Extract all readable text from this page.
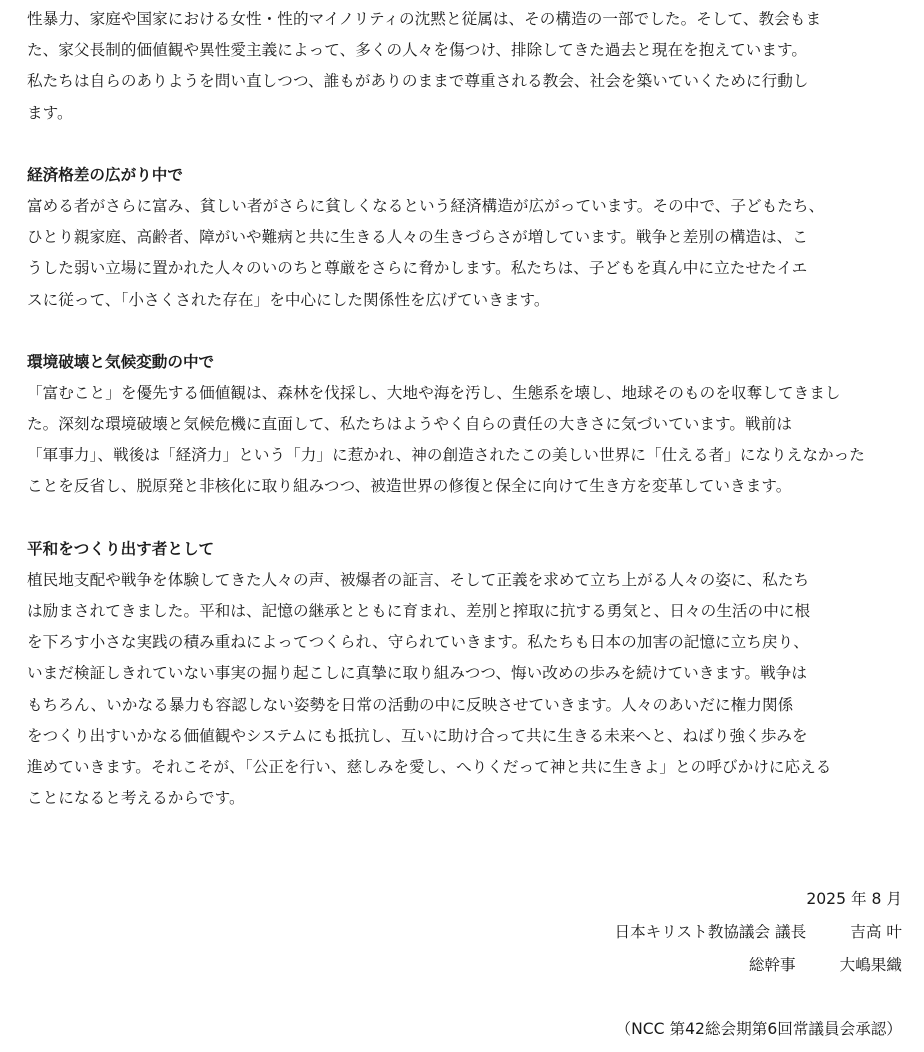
性暴力、家庭や国家における女性・性的マイノリティの沈黙と従属は、その構造の一部でした。そして、教会もま
た、家父長制的価値観や異性愛主義によって、多くの人々を傷つけ、排除してきた過去と現在を抱えています。
私たちは自らのありようを問い直しつつ、誰もがありのままで尊重される教会、社会を築いていくために行動し
ます。
経済格差の広がり中で
富める者がさらに富み、貧しい者がさらに貧しくなるという経済構造が広がっています。その中で、子どもたち、
ひとり親家庭、高齢者、障がいや難病と共に生きる人々の生きづらさが増しています。戦争と差別の構造は、こ
うした弱い立場に置かれた人々のいのちと尊厳をさらに脅かします。私たちは、子どもを真ん中に立たせたイエ
スに従って、「小さくされた存在」を中心にした関係性を広げていきます。
環境破壊と気候変動の中で
「富むこと」を優先する価値観は、森林を伐採し、大地や海を汚し、生態系を壊し、地球そのものを収奪してきまし
た。深刻な環境破壊と気候危機に直面して、私たちはようやく自らの責任の大きさに気づいています。戦前は
「軍事力」、戦後は「経済力」という「力」に惹かれ、神の創造されたこの美しい世界に「仕える者」になりえなかった
ことを反省し、脱原発と非核化に取り組みつつ、被造世界の修復と保全に向けて生き方を変革していきます。
平和をつくり出す者として
植民地支配や戦争を体験してきた人々の声、被爆者の証言、そして正義を求めて立ち上がる人々の姿に、私たち
は励まされてきました。平和は、記憶の継承とともに育まれ、差別と搾取に抗する勇気と、日々の生活の中に根
を下ろす小さな実践の積み重ねによってつくられ、守られていきます。私たちも日本の加害の記憶に立ち戻り、
いまだ検証しきれていない事実の掘り起こしに真摯に取り組みつつ、悔い改めの歩みを続けていきます。戦争は
もちろん、いかなる暴力も容認しない姿勢を日常の活動の中に反映させていきます。人々のあいだに権力関係
をつくり出すいかなる価値観やシステムにも抵抗し、互いに助け合って共に生きる未来へと、ねばり強く歩みを
進めていきます。それこそが、「公正を行い、慈しみを愛し、へりくだって神と共に生きよ」との呼びかけに応える
ことになると考えるからです。
2025 年 8 月
日本キリスト教協議会 議長	吉高 叶
総幹事	大嶋果織
（NCC 第42総会期第6回常議員会承認）
